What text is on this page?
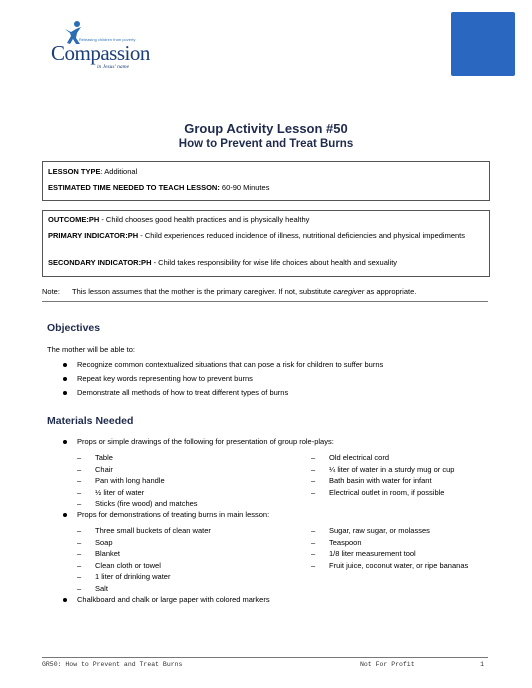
Releasing children from poverty
Compassion
in Jesus' name
Group Activity Lesson #50
How to Prevent and Treat Burns

LESSON TYPE: Additional

ESTIMATED TIME NEEDED TO TEACH LESSON: 60-90 Minutes

OUTCOME:PH - Child chooses good health practices and is physically healthy

PRIMARY INDICATOR:PH - Child experiences reduced incidence of illness, nutritional deficiencies and physical impediments

SECONDARY INDICATOR:PH - Child takes responsibility for wise life choices about health and sexuality

Note: This lesson assumes that the mother is the primary caregiver. If not, substitute caregiver as appropriate.
Objectives
The mother will be able to:
Recognize common contextualized situations that can pose a risk for children to suffer burns
Repeat key words representing how to prevent burns
Demonstrate all methods of how to treat different types of burns
Materials Needed
Props or simple drawings of the following for presentation of group role-plays:
– Table
– Chair
– Pan with long handle
– ½ liter of water
– Sticks (fire wood) and matches
– Old electrical cord
– ¼ liter of water in a sturdy mug or cup
– Bath basin with water for infant
– Electrical outlet in room, if possible
Props for demonstrations of treating burns in main lesson:
– Three small buckets of clean water
– Soap
– Blanket
– Clean cloth or towel
– 1 liter of drinking water
– Salt
– Sugar, raw sugar, or molasses
– Teaspoon
– 1/8 liter measurement tool
– Fruit juice, coconut water, or ripe bananas
Chalkboard and chalk or large paper with colored markers
GR50: How to Prevent and Treat Burns	Not For Profit	1
